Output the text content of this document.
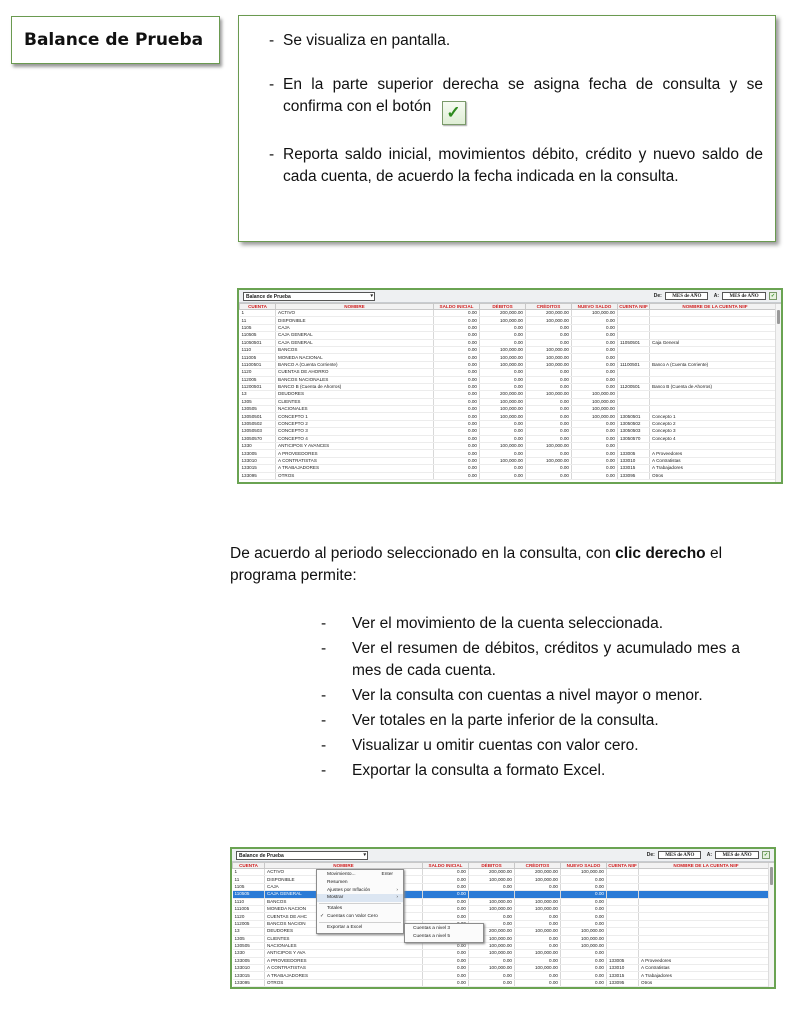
Balance de Prueba	- Se visualiza en pantalla.
- En la parte superior derecha se asigna fecha de consulta y se confirma con el botón ✓
- Reporta saldo inicial, movimientos débito, crédito y nuevo saldo de cada cuenta, de acuerdo la fecha indicada en la consulta.
Balance de Prueba	▾	De: MES de AÑO A: MES de AÑO ✓
CUENTA	NOMBRE	SALDO INICIAL	DÉBITOS	CRÉDITOS	NUEVO SALDO	CUENTA NIIF	NOMBRE DE LA CUENTA NIIF
1	ACTIVO	0.00	200,000.00	200,000.00	100,000.00		
11	DISPONIBLE	0.00	100,000.00	100,000.00	0.00		
1105	CAJA	0.00	0.00	0.00	0.00		
110505	CAJA GENERAL	0.00	0.00	0.00	0.00		
11050501	CAJA GENERAL	0.00	0.00	0.00	0.00	11050501	Caja General
1110	BANCOS	0.00	100,000.00	100,000.00	0.00		
111005	MONEDA NACIONAL	0.00	100,000.00	100,000.00	0.00		
11100501	BANCO A (Cuenta Corriente)	0.00	100,000.00	100,000.00	0.00	11100501	Banco A (Cuenta Corriente)
1120	CUENTAS DE AHORRO	0.00	0.00	0.00	0.00		
112005	BANCOS NACIONALES	0.00	0.00	0.00	0.00		
11200501	BANCO B (Cuenta de Ahorros)	0.00	0.00	0.00	0.00	11200501	Banco B (Cuenta de Ahorros)
13	DEUDORES	0.00	200,000.00	100,000.00	100,000.00		
1305	CLIENTES	0.00	100,000.00	0.00	100,000.00		
130505	NACIONALES	0.00	100,000.00	0.00	100,000.00		
13050501	CONCEPTO 1	0.00	100,000.00	0.00	100,000.00	13050501	Concepto 1
13050502	CONCEPTO 2	0.00	0.00	0.00	0.00	13050502	Concepto 2
13050503	CONCEPTO 3	0.00	0.00	0.00	0.00	13050503	Concepto 3
13050570	CONCEPTO 4	0.00	0.00	0.00	0.00	13050570	Concepto 4
1330	ANTICIPOS Y AVANCES	0.00	100,000.00	100,000.00	0.00		
133005	A PROVEEDORES	0.00	0.00	0.00	0.00	133005	A Proveedores
133010	A CONTRATISTAS	0.00	100,000.00	100,000.00	0.00	133010	A Contratistas
133015	A TRABAJADORES	0.00	0.00	0.00	0.00	133015	A Trabajadores
133095	OTROS	0.00	0.00	0.00	0.00	133095	Otros
De acuerdo al periodo seleccionado en la consulta, con clic derecho el programa permite:
- Ver el movimiento de la cuenta seleccionada.
- Ver el resumen de débitos, créditos y acumulado mes a mes de cada cuenta.
- Ver la consulta con cuentas a nivel mayor o menor.
- Ver totales en la parte inferior de la consulta.
- Visualizar u omitir cuentas con valor cero.
- Exportar la consulta a formato Excel.
Balance de Prueba	▾	De: MES de AÑO A: MES de AÑO ✓
CUENTA	NOMBRE	SALDO INICIAL	DÉBITOS	CRÉDITOS	NUEVO SALDO	CUENTA NIIF	NOMBRE DE LA CUENTA NIIF
1	ACTIVO	0.00	200,000.00	200,000.00	100,000.00		
11	DISPONIBLE	0.00	100,000.00	100,000.00	0.00		
1105	CAJA	0.00	0.00	0.00	0.00		
110505	CAJA GENERAL	0.00			0.00		
1110	BANCOS	0.00	100,000.00	100,000.00	0.00		
111005	MONEDA NACION	0.00	100,000.00	100,000.00	0.00		
1120	CUENTAS DE AHC	0.00	0.00	0.00	0.00		
112005	BANCOS NACION		0.00	0.00	0.00		
13	DEUDORES		200,000.00	100,000.00	100,000.00		
1305	CLIENTES		100,000.00	0.00	100,000.00		
130505	NACIONALES	0.00	100,000.00	0.00	100,000.00		
1330	ANTICIPOS Y AVA	0.00	100,000.00	100,000.00	0.00		
133005	A PROVEEDORES	0.00	0.00	0.00	0.00	133005	A Proveedores
133010	A CONTRATISTAS	0.00	100,000.00	100,000.00	0.00	133010	A Contratistas
133015	A TRABAJADORES	0.00	0.00	0.00	0.00	133015	A Trabajadores
133095	OTROS	0.00	0.00	0.00	0.00	133095	Otros
Movimiento...	Enter
Resumen
Ajustes por Inflación	›
Mostrar	›
Totales
✓ Cuentas con Valor Cero
Exportar a Excel	Cuentas a nivel 3
Cuentas a nivel 5
